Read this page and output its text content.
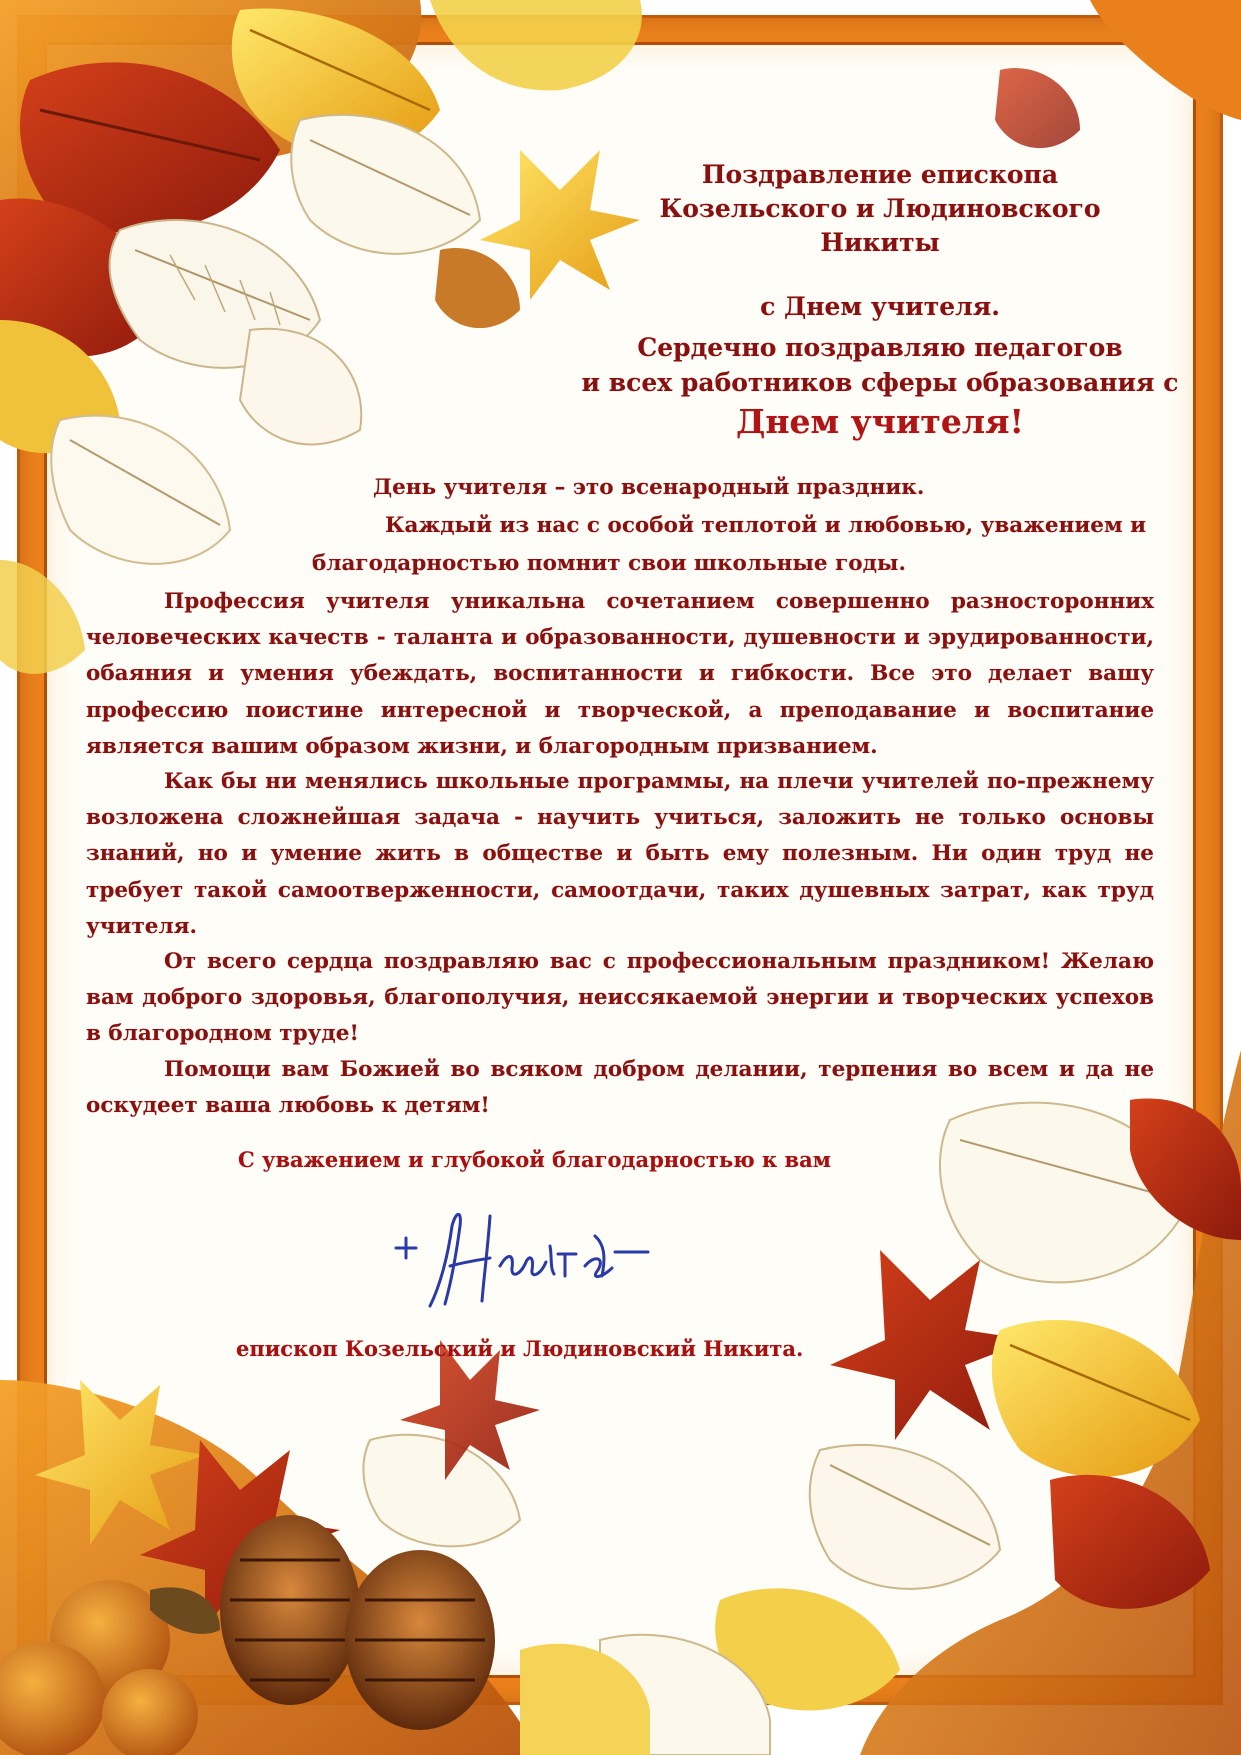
Поздравление епископа
Козельского и Людиновского
Никиты
с Днем учителя.
Сердечно поздравляю педагогов
и всех работников сферы образования с
Днем учителя!
День учителя – это всенародный праздник.
Каждый из нас с особой теплотой и любовью, уважением и
благодарностью помнит свои школьные годы.
Профессия учителя уникальна сочетанием совершенно разносторонних человеческих качеств - таланта и образованности, душевности и эрудированности, обаяния и умения убеждать, воспитанности и гибкости. Все это делает вашу профессию поистине интересной и творческой, а преподавание и воспитание является вашим образом жизни, и благородным призванием.
Как бы ни менялись школьные программы, на плечи учителей по-прежнему возложена сложнейшая задача - научить учиться, заложить не только основы знаний, но и умение жить в обществе и быть ему полезным. Ни один труд не требует такой самоотверженности, самоотдачи, таких душевных затрат, как труд учителя.
От всего сердца поздравляю вас с профессиональным праздником! Желаю вам доброго здоровья, благополучия, неиссякаемой энергии и творческих успехов в благородном труде!
Помощи вам Божией во всяком добром делании, терпения во всем и да не оскудеет ваша любовь к детям!
С уважением и глубокой благодарностью к вам
епископ Козельский и Людиновский Никита.
